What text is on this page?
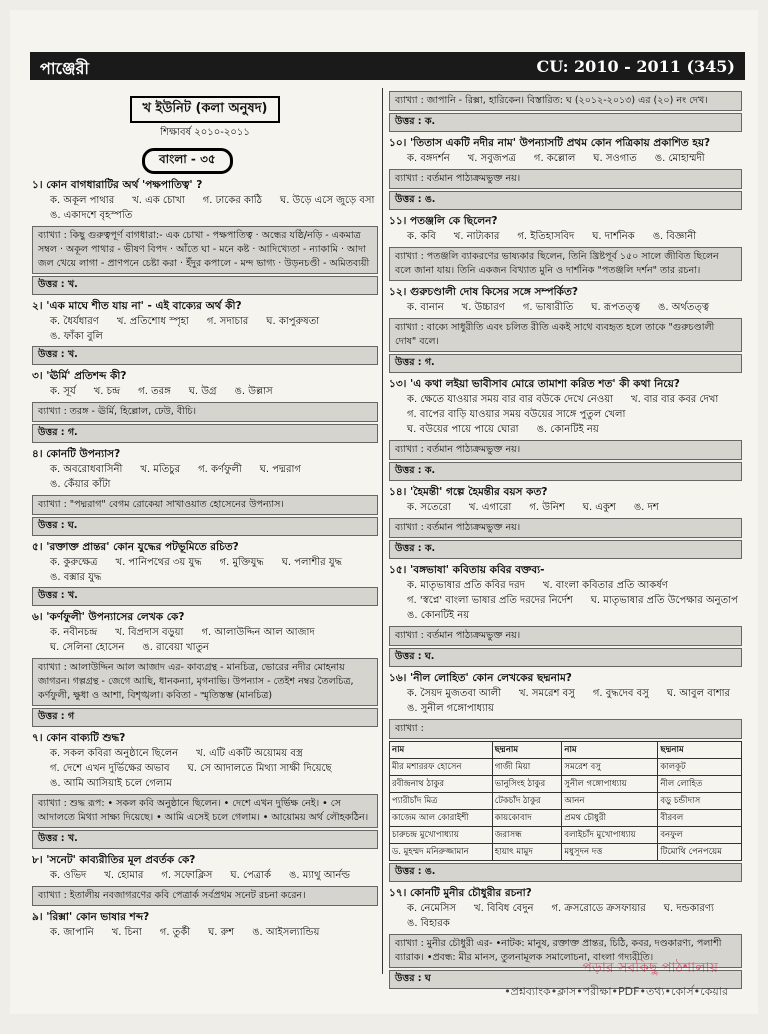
পাঞ্জেরী	CU: 2010 - 2011 (345)
খ ইউনিট (কলা অনুষদ)
শিক্ষাবর্ষ ২০১০-২০১১
বাংলা - ৩৫
১। কোন বাগধারাটির অর্থ 'পক্ষপাতিত্ব' ?
ক. অকূল পাথার খ. এক চোখা গ. ঢাকের কাঠি ঘ. উড়ে এসে জুড়ে বসা
ঙ. একাদশে বৃহস্পতি
ব্যাখ্যা : কিছু গুরুত্বপূর্ণ বাগধারা:- এক চোখা - পক্ষপাতিত্ব · অন্ধের যষ্ঠি/নড়ি - একমাত্র সম্বল · অকূল পাথার - ভীষণ বিপদ · আঁতে ঘা - মনে কষ্ট · আদিখ্যেতা - ন্যাকামি · আদা জল খেয়ে লাগা - প্রাণপনে চেষ্টা করা · ইঁদুর কপালে - মন্দ ভাগ্য · উড়নচণ্ডী - অমিতব্যয়ী
উত্তর : খ.
২। 'এক মাঘে শীত যায় না' - এই বাক্যের অর্থ কী?
ক. ধৈর্যধারণ খ. প্রতিশোধ স্পৃহা গ. সদাচার ঘ. কাপুরুষতা
ঙ. ফাঁকা বুলি
উত্তর : খ.
৩। 'ঊর্মি' প্রতিশব্দ কী?
ক. সূর্য খ. চন্দ্র গ. তরঙ্গ ঘ. উগ্র ঙ. উল্লাস
ব্যাখ্যা : তরঙ্গ - ঊর্মি, হিল্লোল, ঢেউ, বীচি।
উত্তর : গ.
৪। কোনটি উপন্যাস?
ক. অবরোধবাসিনী খ. মতিচুর গ. কর্ণফুলী ঘ. পদ্মরাগ
ঙ. কেঁয়ার কাঁটা
ব্যাখ্যা : "পদ্মরাগ" বেগম রোকেয়া সাখাওয়াত হোসেনের উপন্যাস।
উত্তর : ঘ.
৫। 'রক্তাক্ত প্রান্তর' কোন যুদ্ধের পটভূমিতে রচিত?
ক. কুরুক্ষেত্র খ. পানিপথের ৩য় যুদ্ধ গ. মুক্তিযুদ্ধ ঘ. পলাশীর যুদ্ধ
ঙ. বক্সার যুদ্ধ
উত্তর : খ.
৬। 'কর্ণফুলী' উপন্যাসের লেখক কে?
ক. নবীনচন্দ্র খ. বিপ্রদাস বড়ুয়া গ. আলাউদ্দিন আল আজাদ
ঘ. সেলিনা হোসেন ঙ. রাবেয়া খাতুন
ব্যাখ্যা : আলাউদ্দিন আল আজাদ এর- কাব্যগ্রন্থ - মানচিত্র, ভোরের নদীর মোহনায় জাগরন। গল্পগ্রন্থ - জেগে আছি, ধানকন্যা, মৃগনাভি। উপন্যাস - তেইশ নম্বর তৈলচিত্র, কর্ণফুলী, ক্ষুধা ও আশা, বিশৃঙ্খলা। কবিতা - স্মৃতিস্তম্ভ (মানচিত্র)
উত্তর : গ
৭। কোন বাক্যটি শুদ্ধ?
ক. সকল কবিরা অনুষ্ঠানে ছিলেন খ. এটি একটি অয়োময় বস্ত্র
গ. দেশে এখন দুর্ভিক্ষের অভাব ঘ. সে আদালতে মিথ্যা সাক্ষী দিয়েছে
ঙ. আমি আসিয়াই চলে গেলাম
ব্যাখ্যা : শুদ্ধ রূপ: • সকল কবি অনুষ্ঠানে ছিলেন। • দেশে এখন দুর্ভিক্ষ নেই। • সে আদালতে মিথ্যা সাক্ষ্য দিয়েছে। • আমি এসেই চলে গেলাম। • আয়োময় অর্থ লৌহকঠিন।
উত্তর : খ.
৮। 'সনেট' কাব্যরীতির মূল প্রবর্তক কে?
ক. ওভিদ খ. হোমার গ. সফোক্লিস ঘ. পেত্রার্ক ঙ. ম্যাথু আর্নল্ড
ব্যাখ্যা : ইতালীয় নবজাগরণের কবি পেত্রার্ক সর্বপ্রথম সনেট রচনা করেন।
৯। 'রিক্সা' কোন ভাষার শব্দ?
ক. জাপানি খ. চিনা গ. তুর্কী ঘ. রুশ ঙ. আইসল্যান্ডিয়
ব্যাখ্যা : জাপানি - রিক্সা, হারিকেন। বিস্তারিত: ঘ (২০১২-২০১৩) এর (২০) নং দেখ।
উত্তর : ক.
১০। 'তিতাস একটি নদীর নাম' উপন্যাসটি প্রথম কোন পত্রিকায় প্রকাশিত হয়?
ক. বঙ্গদর্শন খ. সবুজপত্র গ. কল্লোল ঘ. সওগাত ঙ. মোহাম্মদী
ব্যাখ্যা : বর্তমান পাঠ্যক্রমভুক্ত নয়।
উত্তর : ঙ.
১১। পতঞ্জলি কে ছিলেন?
ক. কবি খ. নাট্যকার গ. ইতিহাসবিদ ঘ. দার্শনিক ঙ. বিজ্ঞানী
ব্যাখ্যা : পতঞ্জলি ব্যাকরণের ভাষ্যকার ছিলেন, তিনি খ্রিষ্টপূর্ব ১৫০ সালে জীবিত ছিলেন বলে জানা যায়। তিনি একজন বিখ্যাত মুনি ও দার্শনিক "পতঞ্জলি দর্শন" তার রচনা।
১২। গুরুচণ্ডালী দোষ কিসের সঙ্গে সম্পর্কিত?
ক. বানান খ. উচ্চারণ গ. ভাষারীতি ঘ. রূপতত্ত্ব ঙ. অর্থতত্ত্ব
ব্যাখ্যা : বাক্যে সাধুরীতি এবং চলিত রীতি একই সাথে ব্যবহৃত হলে তাকে "গুরুচণ্ডালী দোষ" বলে।
উত্তর : গ.
১৩। 'এ কথা লইয়া ভাবীসাব মোরে তামাশা করিত শত' কী কথা নিয়ে?
ক. ক্ষেতে যাওয়ার সময় বার বার বউকে দেখে নেওয়া খ. বার বার কবর দেখা
গ. বাপের বাড়ি যাওয়ার সময় বউয়ের সাঙ্গে পুতুল খেলা
ঘ. বউয়ের পায়ে পায়ে ঘোরা ঙ. কোনটিই নয়
ব্যাখ্যা : বর্তমান পাঠ্যক্রমভুক্ত নয়।
উত্তর : ক.
১৪। 'হৈমন্তী' গল্পে হৈমন্তীর বয়স কত?
ক. সতেরো খ. এগারো গ. উনিশ ঘ. একুশ ঙ. দশ
ব্যাখ্যা : বর্তমান পাঠ্যক্রমভুক্ত নয়।
উত্তর : ক.
১৫। 'বঙ্গভাষা' কবিতায় কবির বক্তব্য-
ক. মাতৃভাষার প্রতি কবির দরদ খ. বাংলা কবিতার প্রতি আকর্ষণ
গ. 'স্বপ্নে' বাংলা ভাষার প্রতি দরদের নির্দেশ ঘ. মাতৃভাষার প্রতি উপেক্ষার অনুতাপ
ঙ. কোনটিই নয়
ব্যাখ্যা : বর্তমান পাঠ্যক্রমভুক্ত নয়।
উত্তর : ঘ.
১৬। 'নীল লোহিত' কোন লেখকের ছদ্মনাম?
ক. সৈয়দ মুজতবা আলী খ. সমরেশ বসু গ. বুদ্ধদেব বসু ঘ. আবুল বাশার
ঙ. সুনীল গঙ্গোপাধ্যায়
ব্যাখ্যা :
নাম	ছদ্মনাম	নাম	ছদ্মনাম
মীর মশাররফ হোসেন	গাজী মিয়া	সমরেশ বসু	কালকূট
রবীন্দ্রনাথ ঠাকুর	ভানুসিংহ ঠাকুর	সুনীল গঙ্গোপাধ্যায়	নীল লোহিত
প্যারীচাঁদ মিত্র	টেকচাঁদ ঠাকুর	আনন	বড়ু চন্ডীদাস
কাজেম আল কোরাইশী	কায়কোবাদ	প্রমথ চৌধুরী	বীরবল
চারুচন্দ্র মুখোপাধ্যায়	জরাসন্ধ	বলাইচাঁদ মুখোপাধ্যায়	বনফুল
ড. মুহম্মদ মনিরুজ্জামান	হায়াৎ মামুদ	মধুসূদন দত্ত	টিমোথি পেনপয়েম
উত্তর : ঙ.
১৭। কোনটি মুনীর চৌধুরীর রচনা?
ক. নেমেসিস খ. বিবিধ বেদুন গ. ক্রসরোডে ক্রসফায়ার ঘ. দন্ডকারণ্য
ঙ. বিহারক
ব্যাখ্যা : মুনীর চৌধুরী এর- •নাটক: মানুষ, রক্তাক্ত প্রান্তর, চিঠি, কবর, দণ্ডকারণ্য, পলাশী ব্যারাক। •প্রবন্ধ: মীর মানস, তুলনামূলক সমালোচনা, বাংলা গদ্যরীতি।
উত্তর : ঘ
পড়ার সবকিছু পাঠশালায়
•প্রশ্নব্যাংক•ক্লাস•পরীক্ষা•PDF•তথ্য•কোর্স•কেয়ার
